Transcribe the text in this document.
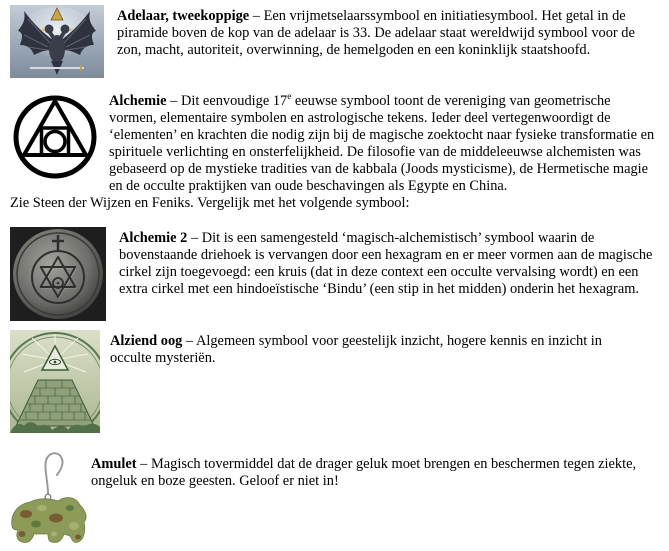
Adelaar, tweekoppige – Een vrijmetselaarssymbool en initiatiesymbool. Het getal in de piramide boven de kop van de adelaar is 33. De adelaar staat wereldwijd symbool voor de zon, macht, autoriteit, overwinning, de hemelgoden en een koninklijk staatshoofd.

Alchemie – Dit eenvoudige 17e eeuwse symbool toont de vereniging van geometrische vormen, elementaire symbolen en astrologische tekens. Ieder deel vertegenwoordigt de ‘elementen’ en krachten die nodig zijn bij de magische zoektocht naar fysieke transformatie en spirituele verlichting en onsterfelijkheid. De filosofie van de middeleeuwse alchemisten was gebaseerd op de mystieke tradities van de kabbala (Joods mysticisme), de Hermetische magie en de occulte praktijken van oude beschavingen als Egypte en China.

Zie Steen der Wijzen en Feniks. Vergelijk met het volgende symbool:

Alchemie 2 – Dit is een samengesteld ‘magisch-alchemistisch’ symbool waarin de bovenstaande driehoek is vervangen door een hexagram en er meer vormen aan de magische cirkel zijn toegevoegd: een kruis (dat in deze context een occulte vervalsing wordt) en een extra cirkel met een hindoeïstische ‘Bindu’ (een stip in het midden) onderin het hexagram.

Alziend oog – Algemeen symbool voor geestelijk inzicht, hogere kennis en inzicht in occulte mysteriën.

Amulet – Magisch tovermiddel dat de drager geluk moet brengen en beschermen tegen ziekte, ongeluk en boze geesten. Geloof er niet in!
